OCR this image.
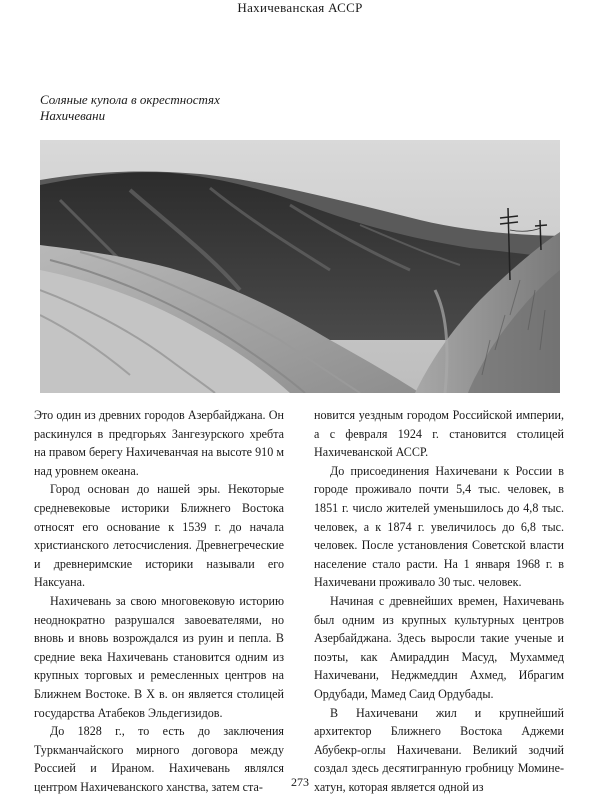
Нахичеванская АССР
Соляные купола в окрестностях
Нахичевани

Это один из древних городов Азербайджана. Он раскинулся в предгорьях Зангезурского хребта на правом берегу Нахичеванчая на высоте 910 м над уровнем океана.

Город основан до нашей эры. Некоторые средневековые историки Ближнего Востока относят его основание к 1539 г. до начала христианского летосчисления. Древнегреческие и древнеримские историки называли его Наксуана.

Нахичевань за свою многовековую историю неоднократно разрушался завоевателями, но вновь и вновь возрождался из руин и пепла. В средние века Нахичевань становится одним из крупных торговых и ремесленных центров на Ближнем Востоке. В X в. он является столицей государства Атабеков Эльдегизидов.

До 1828 г., то есть до заключения Туркманчайского мирного договора между Россией и Ираном. Нахичевань являлся центром Нахичеванского ханства, затем ста-

новится уездным городом Российской империи, а с февраля 1924 г. становится столицей Нахичеванской АССР.

До присоединения Нахичевани к России в городе проживало почти 5,4 тыс. человек, в 1851 г. число жителей уменьшилось до 4,8 тыс. человек, а к 1874 г. увеличилось до 6,8 тыс. человек. После установления Советской власти население стало расти. На 1 января 1968 г. в Нахичевани проживало 30 тыс. человек.

Начиная с древнейших времен, Нахичевань был одним из крупных культурных центров Азербайджана. Здесь выросли такие ученые и поэты, как Амираддин Масуд, Мухаммед Нахичевани, Неджмеддин Ахмед, Ибрагим Ордубади, Мамед Саид Ордубады.

В Нахичевани жил и крупнейший архитектор Ближнего Востока Аджеми Абубекр-оглы Нахичевани. Великий зодчий создал здесь десятигранную гробницу Момине-хатун, которая является одной из

273
